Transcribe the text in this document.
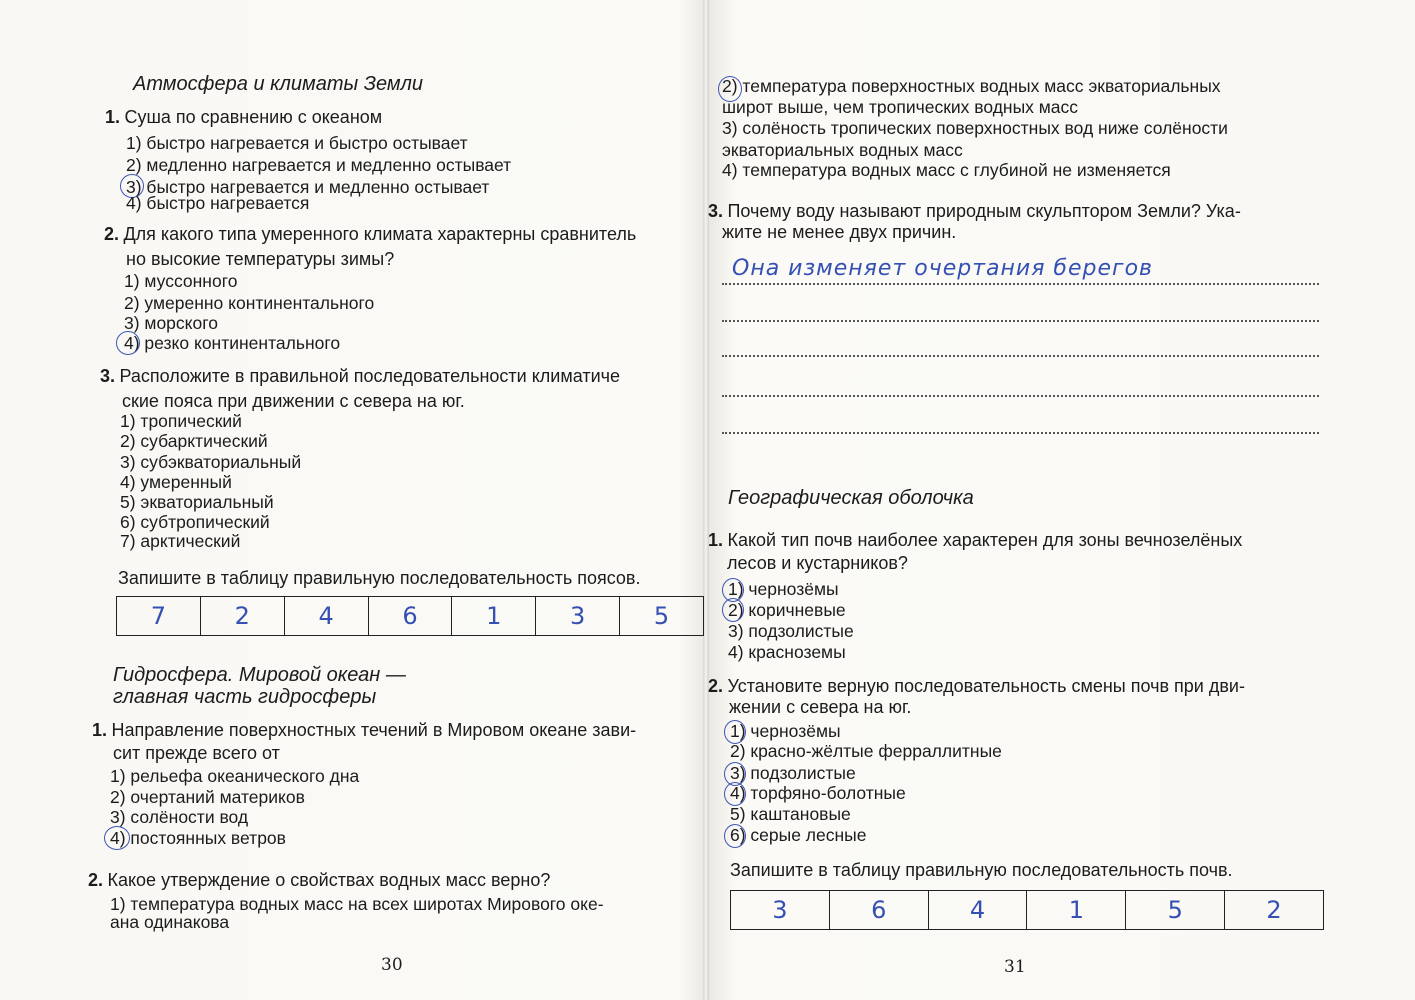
Атмосфера и климаты Земли
1. Суша по сравнению с океаном
1) быстро нагревается и быстро остывает
2) медленно нагревается и медленно остывает
3) быстро нагревается и медленно остывает
4) быстро нагревается
2. Для какого типа умеренного климата характерны сравнитель
но высокие температуры зимы?
1) муссонного
2) умеренно континентального
3) морского
4) резко континентального
3. Расположите в правильной последовательности климатиче
ские пояса при движении с севера на юг.
1) тропический
2) субарктический
3) субэкваториальный
4) умеренный
5) экваториальный
6) субтропический
7) арктический
Запишите в таблицу правильную последовательность поясов.
7	2	4	6	1	3	5
Гидросфера. Мировой океан —
главная часть гидросферы
1. Направление поверхностных течений в Мировом океане зави-
сит прежде всего от
1) рельефа океанического дна
2) очертаний материков
3) солёности вод
4) постоянных ветров
2. Какое утверждение о свойствах водных масс верно?
1) температура водных масс на всех широтах Мирового оке-
ана одинакова
30
2) температура поверхностных водных масс экваториальных
широт выше, чем тропических водных масс
3) солёность тропических поверхностных вод ниже солёности
экваториальных водных масс
4) температура водных масс с глубиной не изменяется
3. Почему воду называют природным скульптором Земли? Ука-
жите не менее двух причин.
Она изменяет очертания берегов
Географическая оболочка
1. Какой тип почв наиболее характерен для зоны вечнозелёных
лесов и кустарников?
1) чернозёмы
2) коричневые
3) подзолистые
4) красноземы
2. Установите верную последовательность смены почв при дви-
жении с севера на юг.
1) чернозёмы
2) красно-жёлтые ферраллитные
3) подзолистые
4) торфяно-болотные
5) каштановые
6) серые лесные
Запишите в таблицу правильную последовательность почв.
3	6	4	1	5	2
31
